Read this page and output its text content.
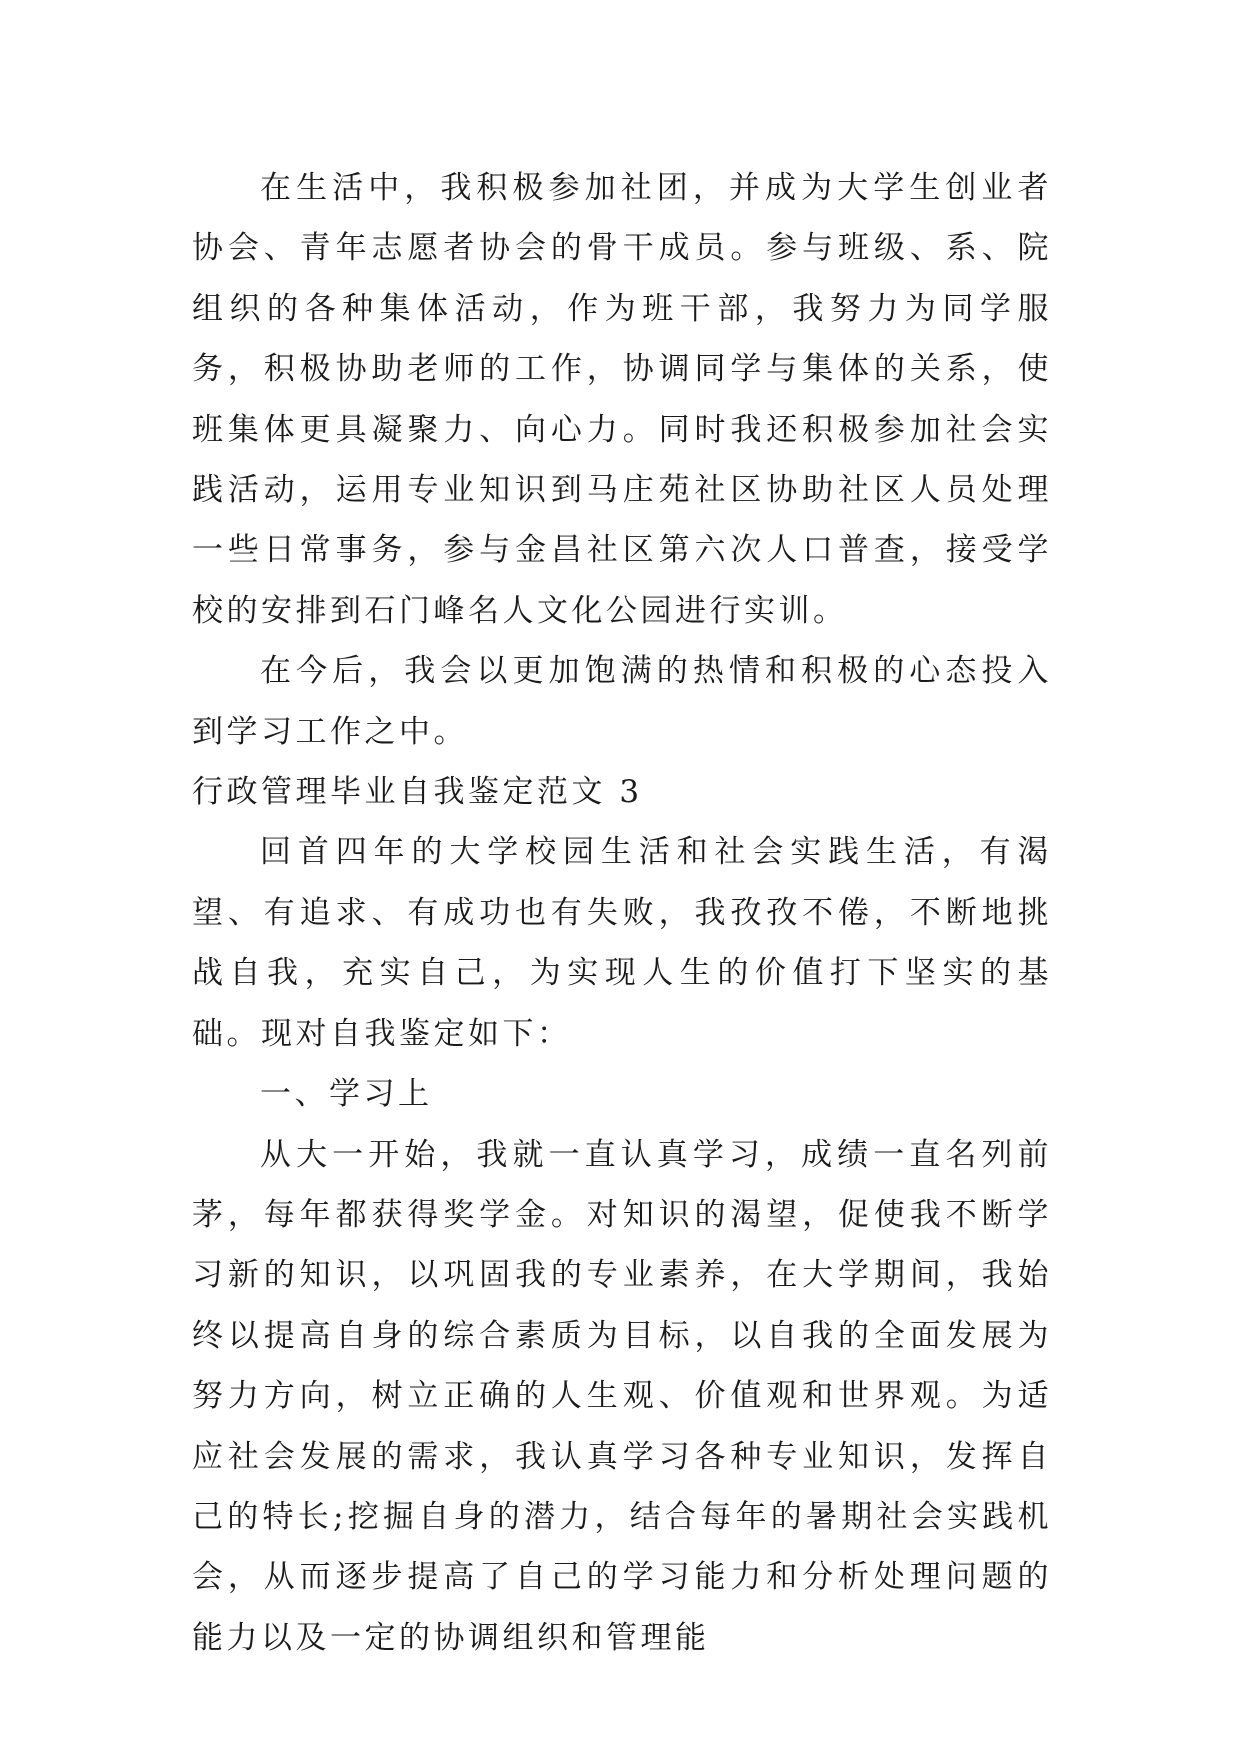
在生活中，我积极参加社团，并成为大学生创业者协会、青年志愿者协会的骨干成员。参与班级、系、院组织的各种集体活动，作为班干部，我努力为同学服务，积极协助老师的工作，协调同学与集体的关系，使班集体更具凝聚力、向心力。同时我还积极参加社会实践活动，运用专业知识到马庄苑社区协助社区人员处理一些日常事务，参与金昌社区第六次人口普查，接受学校的安排到石门峰名人文化公园进行实训。

在今后，我会以更加饱满的热情和积极的心态投入到学习工作之中。

行政管理毕业自我鉴定范文 3

回首四年的大学校园生活和社会实践生活，有渴望、有追求、有成功也有失败，我孜孜不倦，不断地挑战自我，充实自己，为实现人生的价值打下坚实的基础。现对自我鉴定如下：

一、学习上

从大一开始，我就一直认真学习，成绩一直名列前茅，每年都获得奖学金。对知识的渴望，促使我不断学习新的知识，以巩固我的专业素养，在大学期间，我始终以提高自身的综合素质为目标，以自我的全面发展为努力方向，树立正确的人生观、价值观和世界观。为适应社会发展的需求，我认真学习各种专业知识，发挥自己的特长;挖掘自身的潜力，结合每年的暑期社会实践机会，从而逐步提高了自己的学习能力和分析处理问题的能力以及一定的协调组织和管理能
